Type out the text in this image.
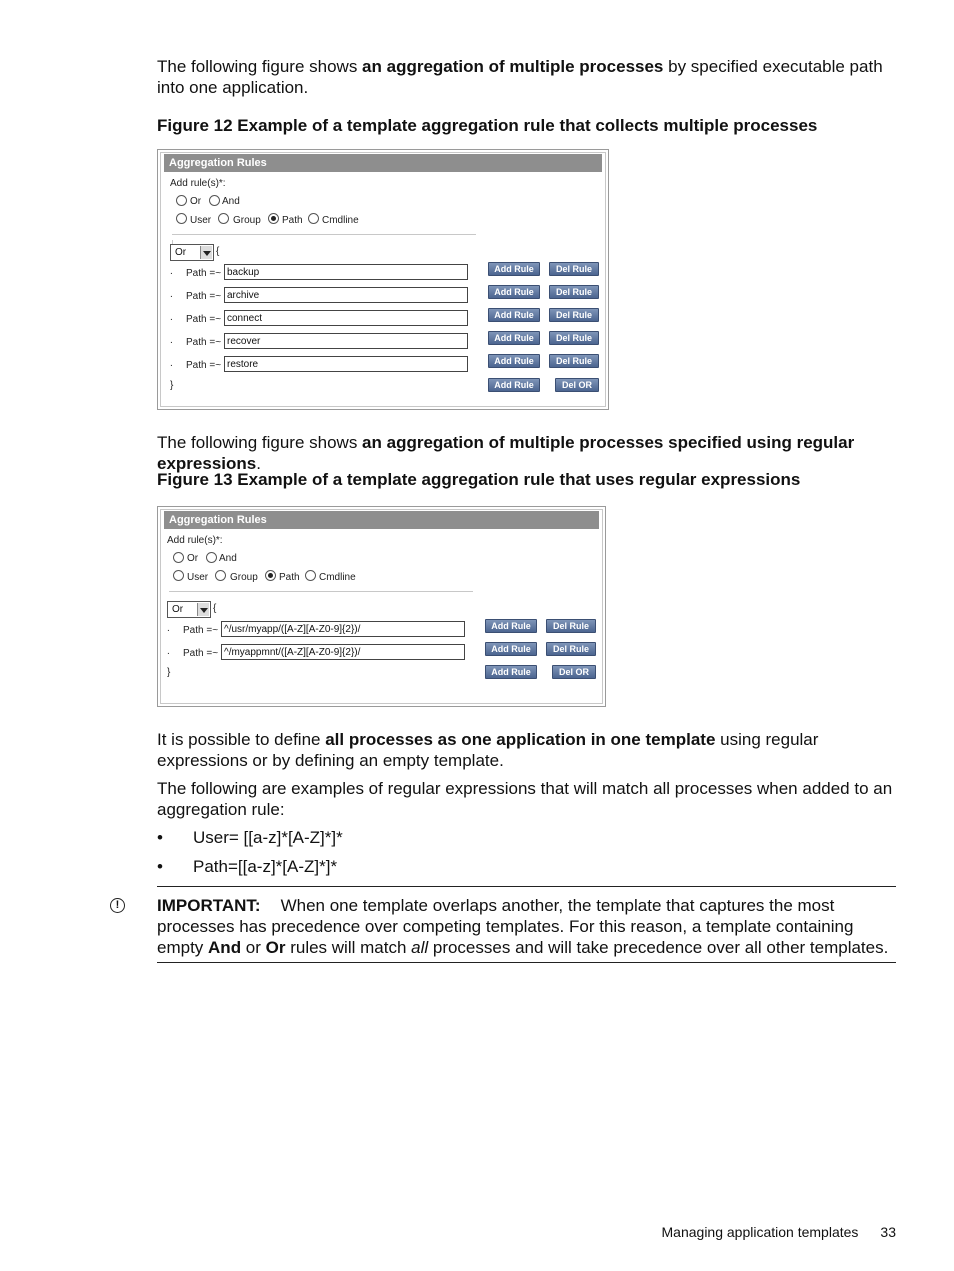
The following figure shows an aggregation of multiple processes by specified executable path into one application.
Figure 12 Example of a template aggregation rule that collects multiple processes
Aggregation Rules
Add rule(s)*:
Or And
User Group Path Cmdline
Or	{
. Path =~ backup	Add Rule	Del Rule
. Path =~ archive	Add Rule	Del Rule
. Path =~ connect	Add Rule	Del Rule
. Path =~ recover	Add Rule	Del Rule
. Path =~ restore	Add Rule	Del Rule
}	Add Rule	Del OR
The following figure shows an aggregation of multiple processes specified using regular expressions.
Figure 13 Example of a template aggregation rule that uses regular expressions
Aggregation Rules
Add rule(s)*:
Or And
User Group Path Cmdline
Or	{
. Path =~ ^/usr/myapp/([A-Z][A-Z0-9]{2})/	Add Rule	Del Rule
. Path =~ ^/myappmnt/([A-Z][A-Z0-9]{2})/	Add Rule	Del Rule
}	Add Rule	Del OR
It is possible to define all processes as one application in one template using regular expressions or by defining an empty template.
The following are examples of regular expressions that will match all processes when added to an aggregation rule:
• User= [[a-z]*[A-Z]*]*
• Path=[[a-z]*[A-Z]*]*
!	IMPORTANT: When one template overlaps another, the template that captures the most processes has precedence over competing templates. For this reason, a template containing empty And or Or rules will match all processes and will take precedence over all other templates.
Managing application templates 33
